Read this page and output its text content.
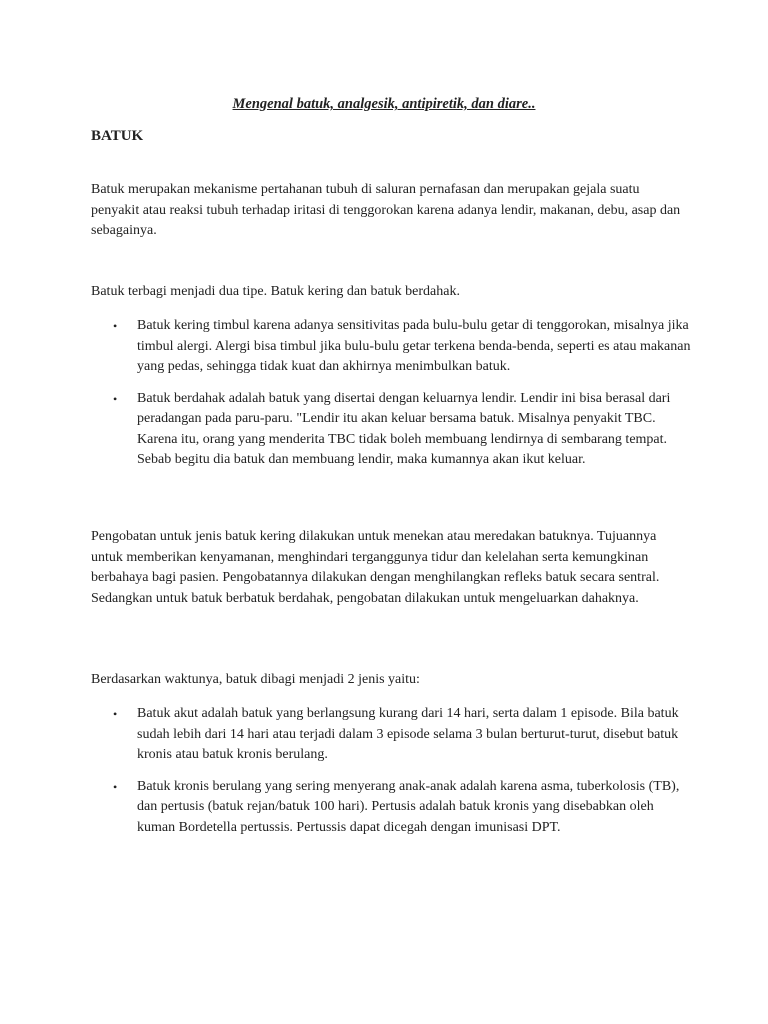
Mengenal batuk, analgesik, antipiretik, dan diare..
BATUK

Batuk merupakan mekanisme pertahanan tubuh di saluran pernafasan dan merupakan gejala suatu penyakit atau reaksi tubuh terhadap iritasi di tenggorokan karena adanya lendir, makanan, debu, asap dan sebagainya.

Batuk terbagi menjadi dua tipe. Batuk kering dan batuk berdahak.

• Batuk kering timbul karena adanya sensitivitas pada bulu-bulu getar di tenggorokan, misalnya jika timbul alergi. Alergi bisa timbul jika bulu-bulu getar terkena benda-benda, seperti es atau makanan yang pedas, sehingga tidak kuat dan akhirnya menimbulkan batuk.
• Batuk berdahak adalah batuk yang disertai dengan keluarnya lendir. Lendir ini bisa berasal dari peradangan pada paru-paru. "Lendir itu akan keluar bersama batuk. Misalnya penyakit TBC. Karena itu, orang yang menderita TBC tidak boleh membuang lendirnya di sembarang tempat. Sebab begitu dia batuk dan membuang lendir, maka kumannya akan ikut keluar.

Pengobatan untuk jenis batuk kering dilakukan untuk menekan atau meredakan batuknya. Tujuannya untuk memberikan kenyamanan, menghindari terganggunya tidur dan kelelahan serta kemungkinan berbahaya bagi pasien. Pengobatannya dilakukan dengan menghilangkan refleks batuk secara sentral. Sedangkan untuk batuk berbatuk berdahak, pengobatan dilakukan untuk mengeluarkan dahaknya.

Berdasarkan waktunya, batuk dibagi menjadi 2 jenis yaitu:

• Batuk akut adalah batuk yang berlangsung kurang dari 14 hari, serta dalam 1 episode. Bila batuk sudah lebih dari 14 hari atau terjadi dalam 3 episode selama 3 bulan berturut-turut, disebut batuk kronis atau batuk kronis berulang.
• Batuk kronis berulang yang sering menyerang anak-anak adalah karena asma, tuberkolosis (TB), dan pertusis (batuk rejan/batuk 100 hari). Pertusis adalah batuk kronis yang disebabkan oleh kuman Bordetella pertussis. Pertussis dapat dicegah dengan imunisasi DPT.
